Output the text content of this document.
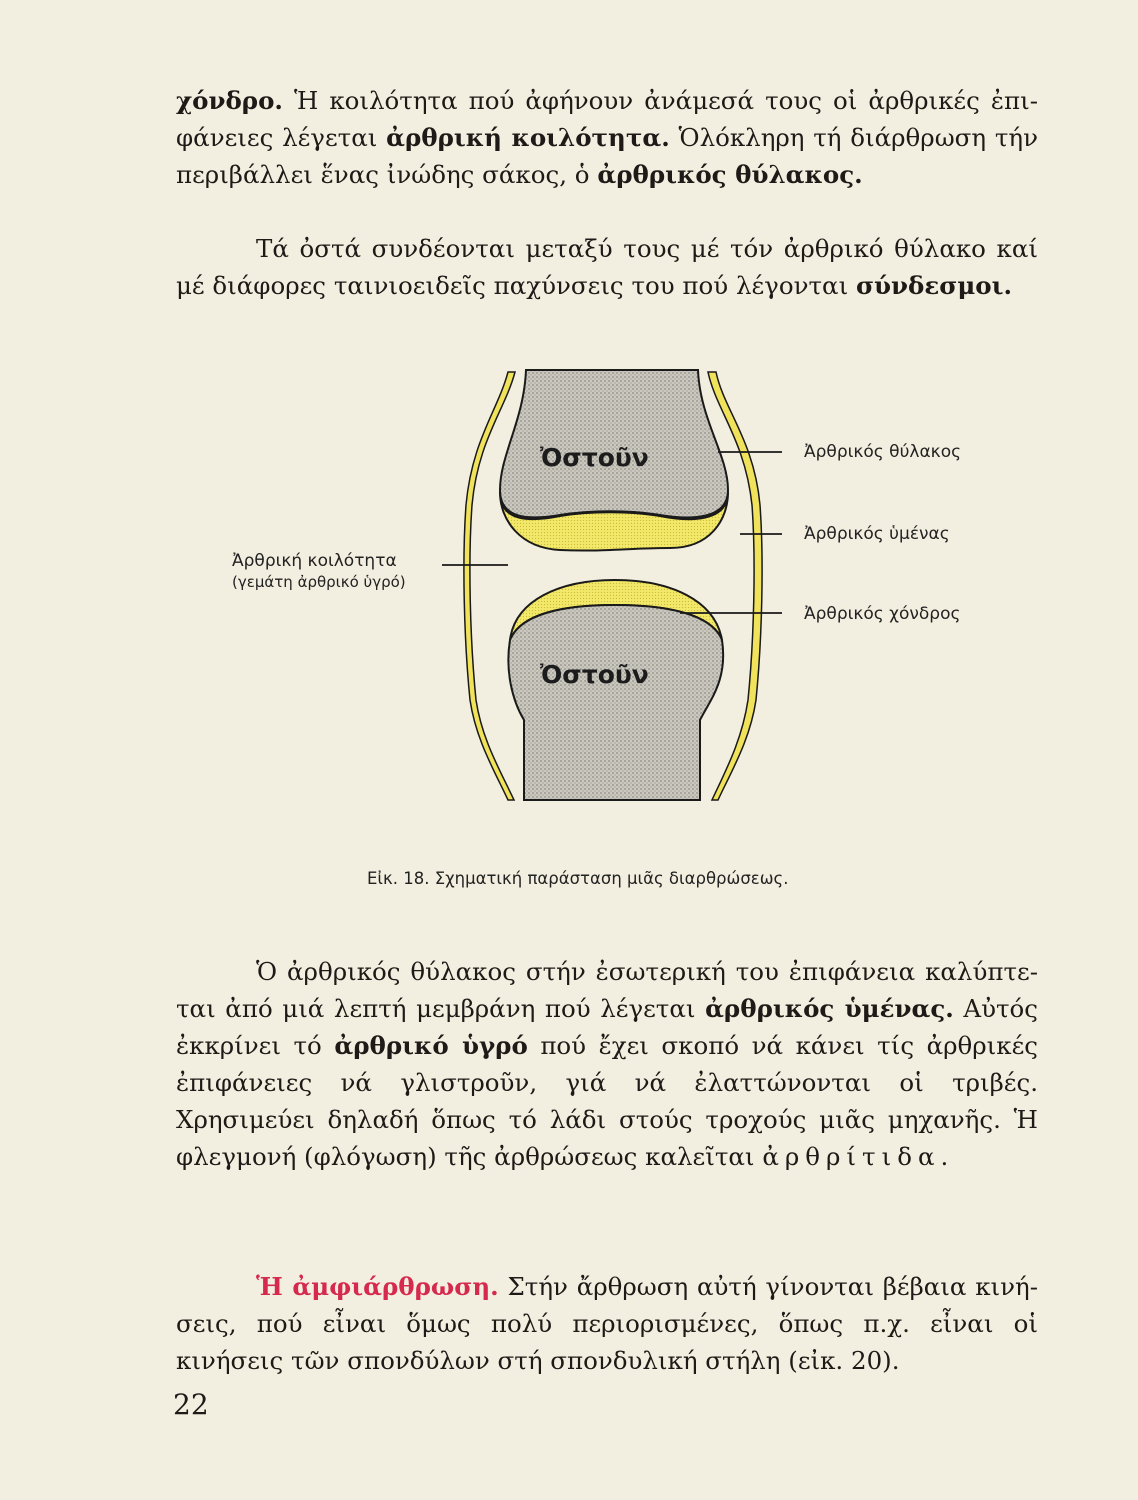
χόνδρο. Ἡ κοιλότητα πού ἀφήνουν ἀνάμεσά τους οἱ ἀρθρικές ἐπιφάνειες λέγεται ἀρθρική κοιλότητα. Ὁλόκληρη τή διάρθρωση τήν περιβάλλει ἕνας ἰνώδης σάκος, ὁ ἀρθρικός θύλακος.

Τά ὀστά συνδέονται μεταξύ τους μέ τόν ἀρθρικό θύλακο καί μέ διάφορες ταινιοειδεῖς παχύνσεις του πού λέγονται σύνδεσμοι.

Ὀστοῦν
Ὀστοῦν
Ἀρθρικός θύλακος
Ἀρθρικός ὑμένας
Ἀρθρικός χόνδρος
Ἀρθρική κοιλότητα
(γεμάτη ἀρθρικό ὑγρό)
Εἰκ. 18. Σχηματική παράσταση μιᾶς διαρθρώσεως.

Ὁ ἀρθρικός θύλακος στήν ἐσωτερική του ἐπιφάνεια καλύπτεται ἀπό μιά λεπτή μεμβράνη πού λέγεται ἀρθρικός ὑμένας. Αὐτός ἐκκρίνει τό ἀρθρικό ὑγρό πού ἔχει σκοπό νά κάνει τίς ἀρθρικές ἐπιφάνειες νά γλιστροῦν, γιά νά ἐλαττώνονται οἱ τριβές. Χρησιμεύει δηλαδή ὅπως τό λάδι στούς τροχούς μιᾶς μηχανῆς. Ἡ φλεγμονή (φλόγωση) τῆς ἀρθρώσεως καλεῖται ἀρθρίτιδα.

Ἡ ἀμφιάρθρωση. Στήν ἄρθρωση αὐτή γίνονται βέβαια κινήσεις, πού εἶναι ὅμως πολύ περιορισμένες, ὅπως π.χ. εἶναι οἱ κινήσεις τῶν σπονδύλων στή σπονδυλική στήλη (εἰκ. 20).

22
